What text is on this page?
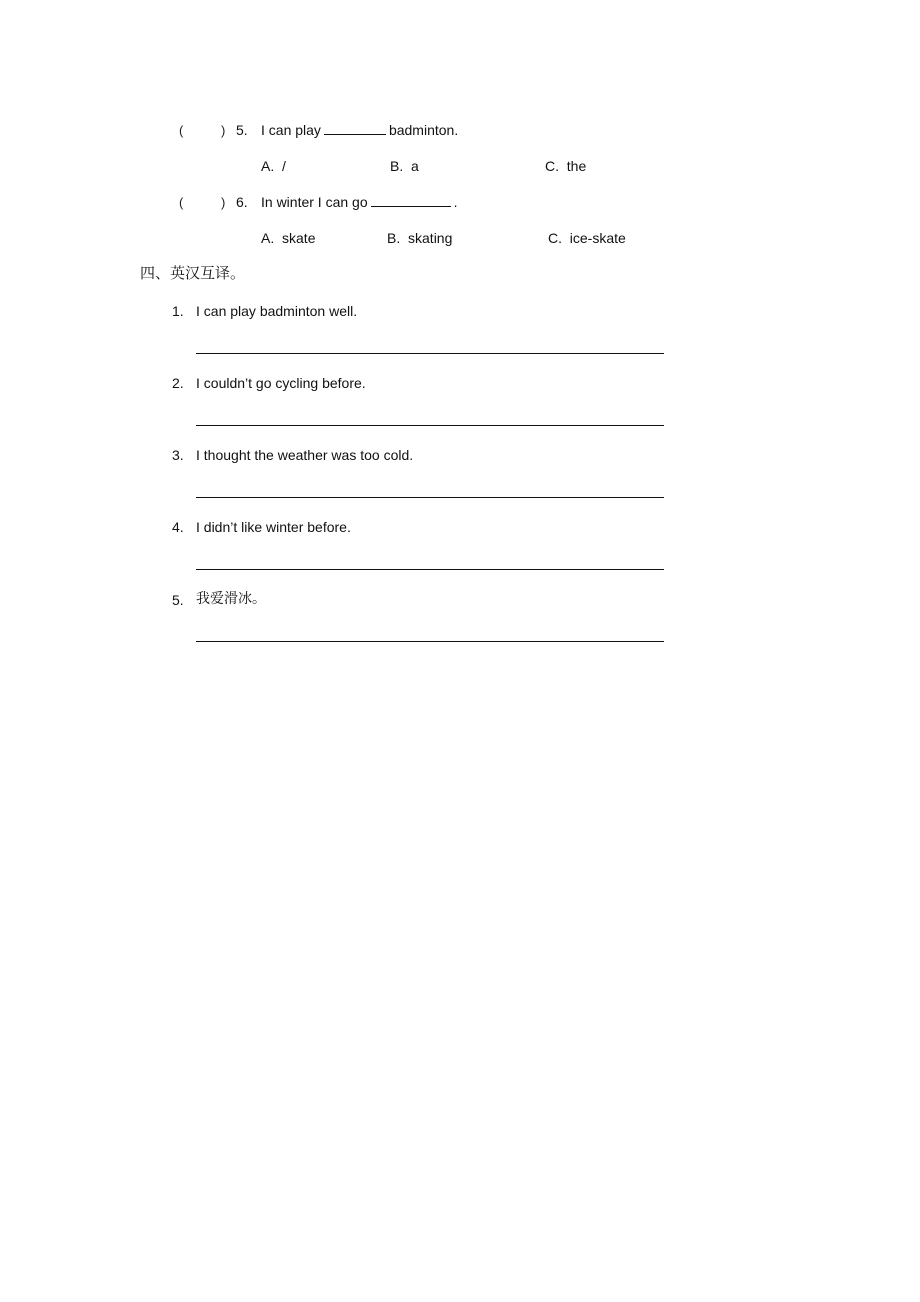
(	) 5. I can play	badminton.
A. /	B. a	C. the
(	) 6. In winter I can go	.
A. skate	B. skating	C. ice-skate
四、英汉互译。
1. I can play badminton well.
2. I couldn’t go cycling before.
3. I thought the weather was too cold.
4. I didn’t like winter before.
5. 我爱滑冰。
